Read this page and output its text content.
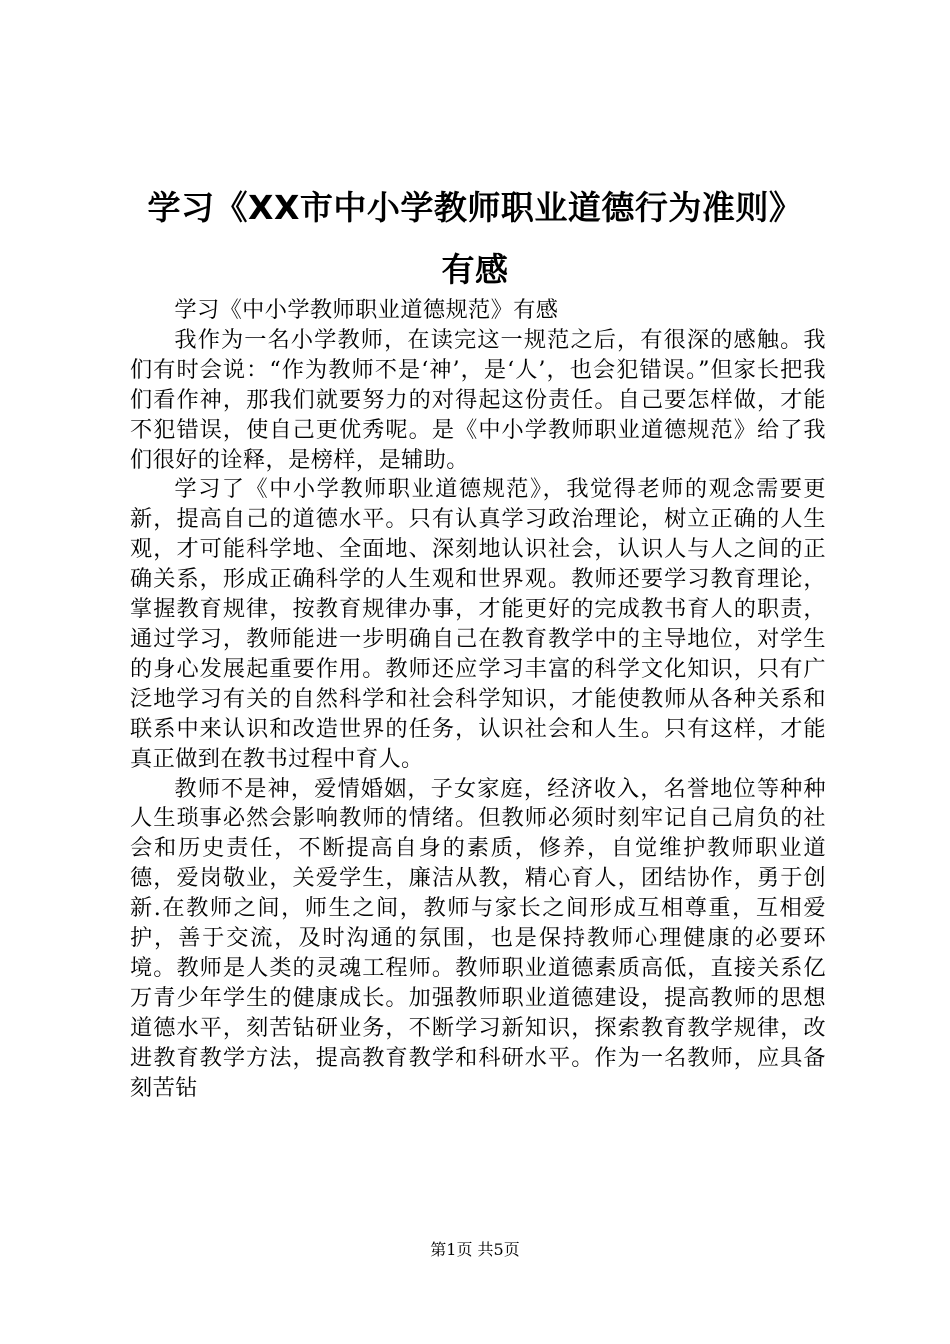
学习《XX市中小学教师职业道德行为准则》
有感

学习《中小学教师职业道德规范》有感

我作为一名小学教师，在读完这一规范之后，有很深的感触。我们有时会说：“作为教师不是‘神’，是‘人’，也会犯错误。”但家长把我们看作神，那我们就要努力的对得起这份责任。自己要怎样做，才能不犯错误，使自己更优秀呢。是《中小学教师职业道德规范》给了我们很好的诠释，是榜样，是辅助。

学习了《中小学教师职业道德规范》，我觉得老师的观念需要更新，提高自己的道德水平。只有认真学习政治理论，树立正确的人生观，才可能科学地、全面地、深刻地认识社会，认识人与人之间的正确关系，形成正确科学的人生观和世界观。教师还要学习教育理论，掌握教育规律，按教育规律办事，才能更好的完成教书育人的职责，通过学习，教师能进一步明确自己在教育教学中的主导地位，对学生的身心发展起重要作用。教师还应学习丰富的科学文化知识，只有广泛地学习有关的自然科学和社会科学知识，才能使教师从各种关系和联系中来认识和改造世界的任务，认识社会和人生。只有这样，才能真正做到在教书过程中育人。

教师不是神，爱情婚姻，子女家庭，经济收入，名誉地位等种种人生琐事必然会影响教师的情绪。但教师必须时刻牢记自己肩负的社会和历史责任，不断提高自身的素质，修养，自觉维护教师职业道德，爱岗敬业，关爱学生，廉洁从教，精心育人，团结协作，勇于创新.在教师之间，师生之间，教师与家长之间形成互相尊重，互相爱护，善于交流，及时沟通的氛围，也是保持教师心理健康的必要环境。教师是人类的灵魂工程师。教师职业道德素质高低，直接关系亿万青少年学生的健康成长。加强教师职业道德建设，提高教师的思想道德水平，刻苦钻研业务，不断学习新知识，探索教育教学规律，改进教育教学方法，提高教育教学和科研水平。作为一名教师，应具备刻苦钻

第1页 共5页
